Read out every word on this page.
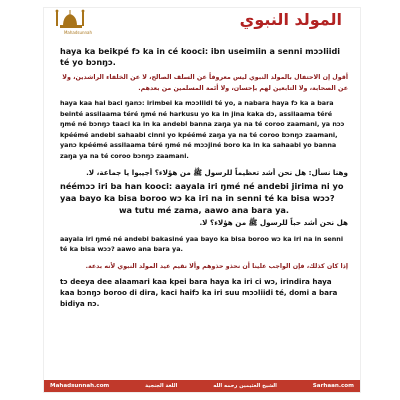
Mahadsunnah
المولد النبوي

haya ka beikpé fɔ ka in cé kooci: ibn useimiin a senni mɔɔliidi té yo bɔnŋɔ.

أقول إن الاحتفال بالمولد النبوي ليس معروفاً عن السلف الصالح، لا عن الخلفاء الراشدين، ولا عن الصحابة، ولا التابعين لهم بإحسان، ولا أئمة المسلمين من بعدهم.

haya kaa hai baci ŋanɔ: irimbei ka mɔɔliidi té yo, a nabara haya fɔ ka a bara beinté assilaama téré ŋmé né harkusu yo ka in jina kaka dɔ, assilaama téré ŋmé né bɔnŋɔ taaci ka in ka andebi banna zaŋa ya na té coroo zaamani, ya nɔɔ kpéémé andebi sahaabi cinni yo kpéémé zaŋa ya na té coroo bɔnŋɔ zaamani, yanɔ kpéémé assilaama téré ŋmé né mɔɔjiné boro ka in ka sahaabi yo banna zaŋa ya na té coroo bɔnŋɔ zaamani.

وهنا نسأل: هل نحن أشد تعظيماً للرسول ﷺ من هؤلاء؟ أجيبوا يا جماعة، لا.

néémɔɔ iri ba han kooci: aayala iri ŋmé né andebi jirima ni yo yaa bayo ka bisa boroo wɔ ka iri na in senni té ka bisa wɔɔ?

wa tutu mé zama, aawo ana bara ya.

هل نحن أشد حباً للرسول ﷺ من هؤلاء؟ لا.

aayala iri ŋmé né andebi bakasiné yaa bayo ka bisa boroo wɔ ka iri na in senni té ka bisa wɔɔ? aawo ana bara ya.

إذا كان كذلك، فإن الواجب علينا أن نحذو حذوهم وألا نقيم عيد المولد النبوي لأنه بدعة.

tɔ deeya dee alaamari kaa kpei bara haya ka iri ci wɔ, irindira haya kaa bɔnŋɔ boroo di dira, kaci haifɔ ka iri suu mɔɔliidi té, domi a bara bidiya nɔ.

Mahadsunnah.com	اللغة الجنجية	الشيخ العثيمين رحمه الله	Sarhaan.com
